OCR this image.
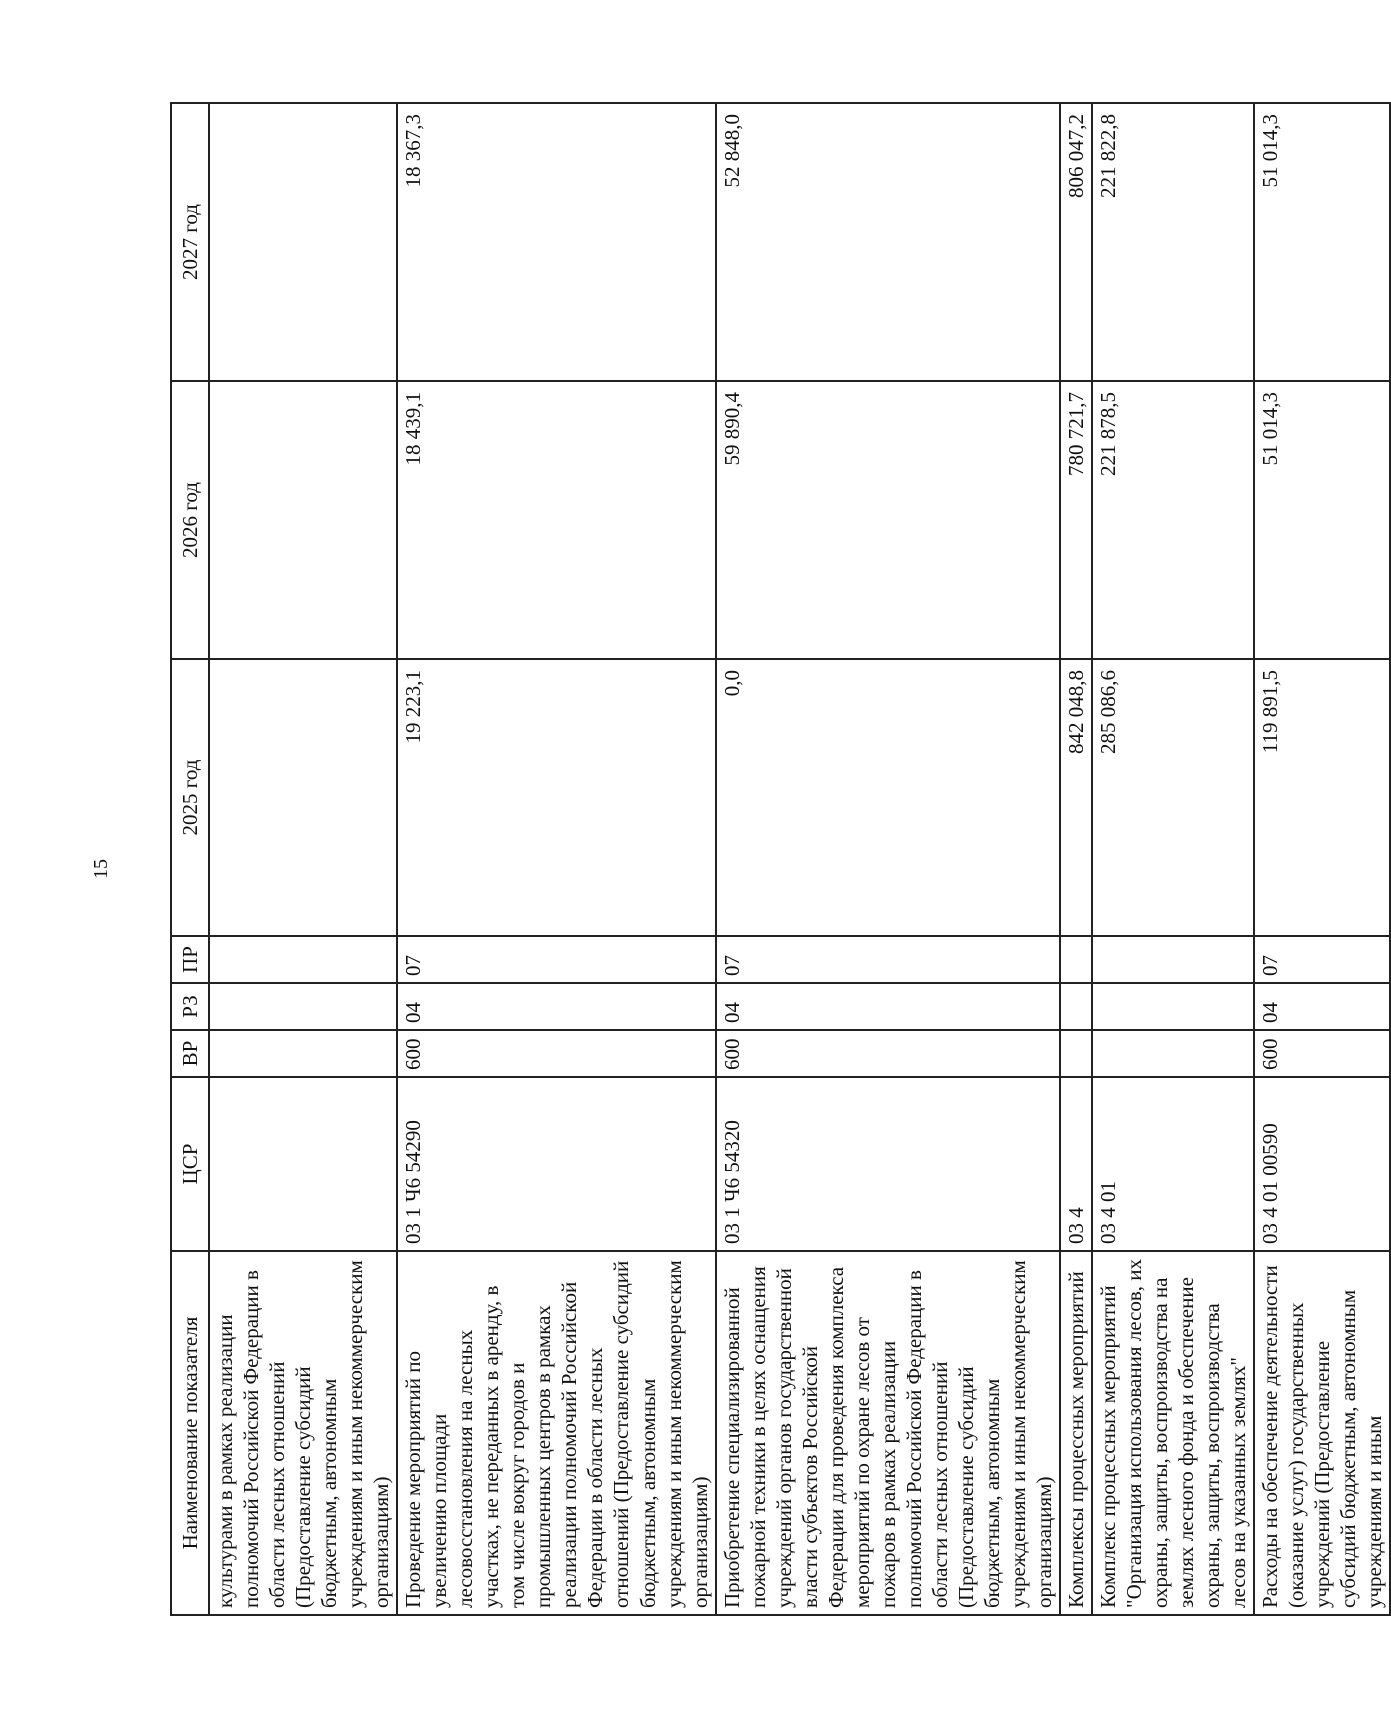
15
Наименование показателя	ЦСР	ВР	РЗ	ПР	2025 год	2026 год	2027 год
культурами в рамках реализации полномочий Российской Федерации в области лесных отношений (Предоставление субсидий бюджетным, автономным учреждениям и иным некоммерческим организациям)							
Проведение мероприятий по увеличению площади лесовосстановления на лесных участках, не переданных в аренду, в том числе вокруг городов и промышленных центров в рамках реализации полномочий Российской Федерации в области лесных отношений (Предоставление субсидий бюджетным, автономным учреждениям и иным некоммерческим организациям)	03 1 Ч6 54290	600	04	07	19 223,1	18 439,1	18 367,3
Приобретение специализированной пожарной техники в целях оснащения учреждений органов государственной власти субъектов Российской Федерации для проведения комплекса мероприятий по охране лесов от пожаров в рамках реализации полномочий Российской Федерации в области лесных отношений (Предоставление субсидий бюджетным, автономным учреждениям и иным некоммерческим организациям)	03 1 Ч6 54320	600	04	07	0,0	59 890,4	52 848,0
Комплексы процессных мероприятий	03 4				842 048,8	780 721,7	806 047,2
Комплекс процессных мероприятий "Организация использования лесов, их охраны, защиты, воспроизводства на землях лесного фонда и обеспечение охраны, защиты, воспроизводства лесов на указанных землях"	03 4 01				285 086,6	221 878,5	221 822,8
Расходы на обеспечение деятельности (оказание услуг) государственных учреждений (Предоставление субсидий бюджетным, автономным учреждениям и иным	03 4 01 00590	600	04	07	119 891,5	51 014,3	51 014,3
